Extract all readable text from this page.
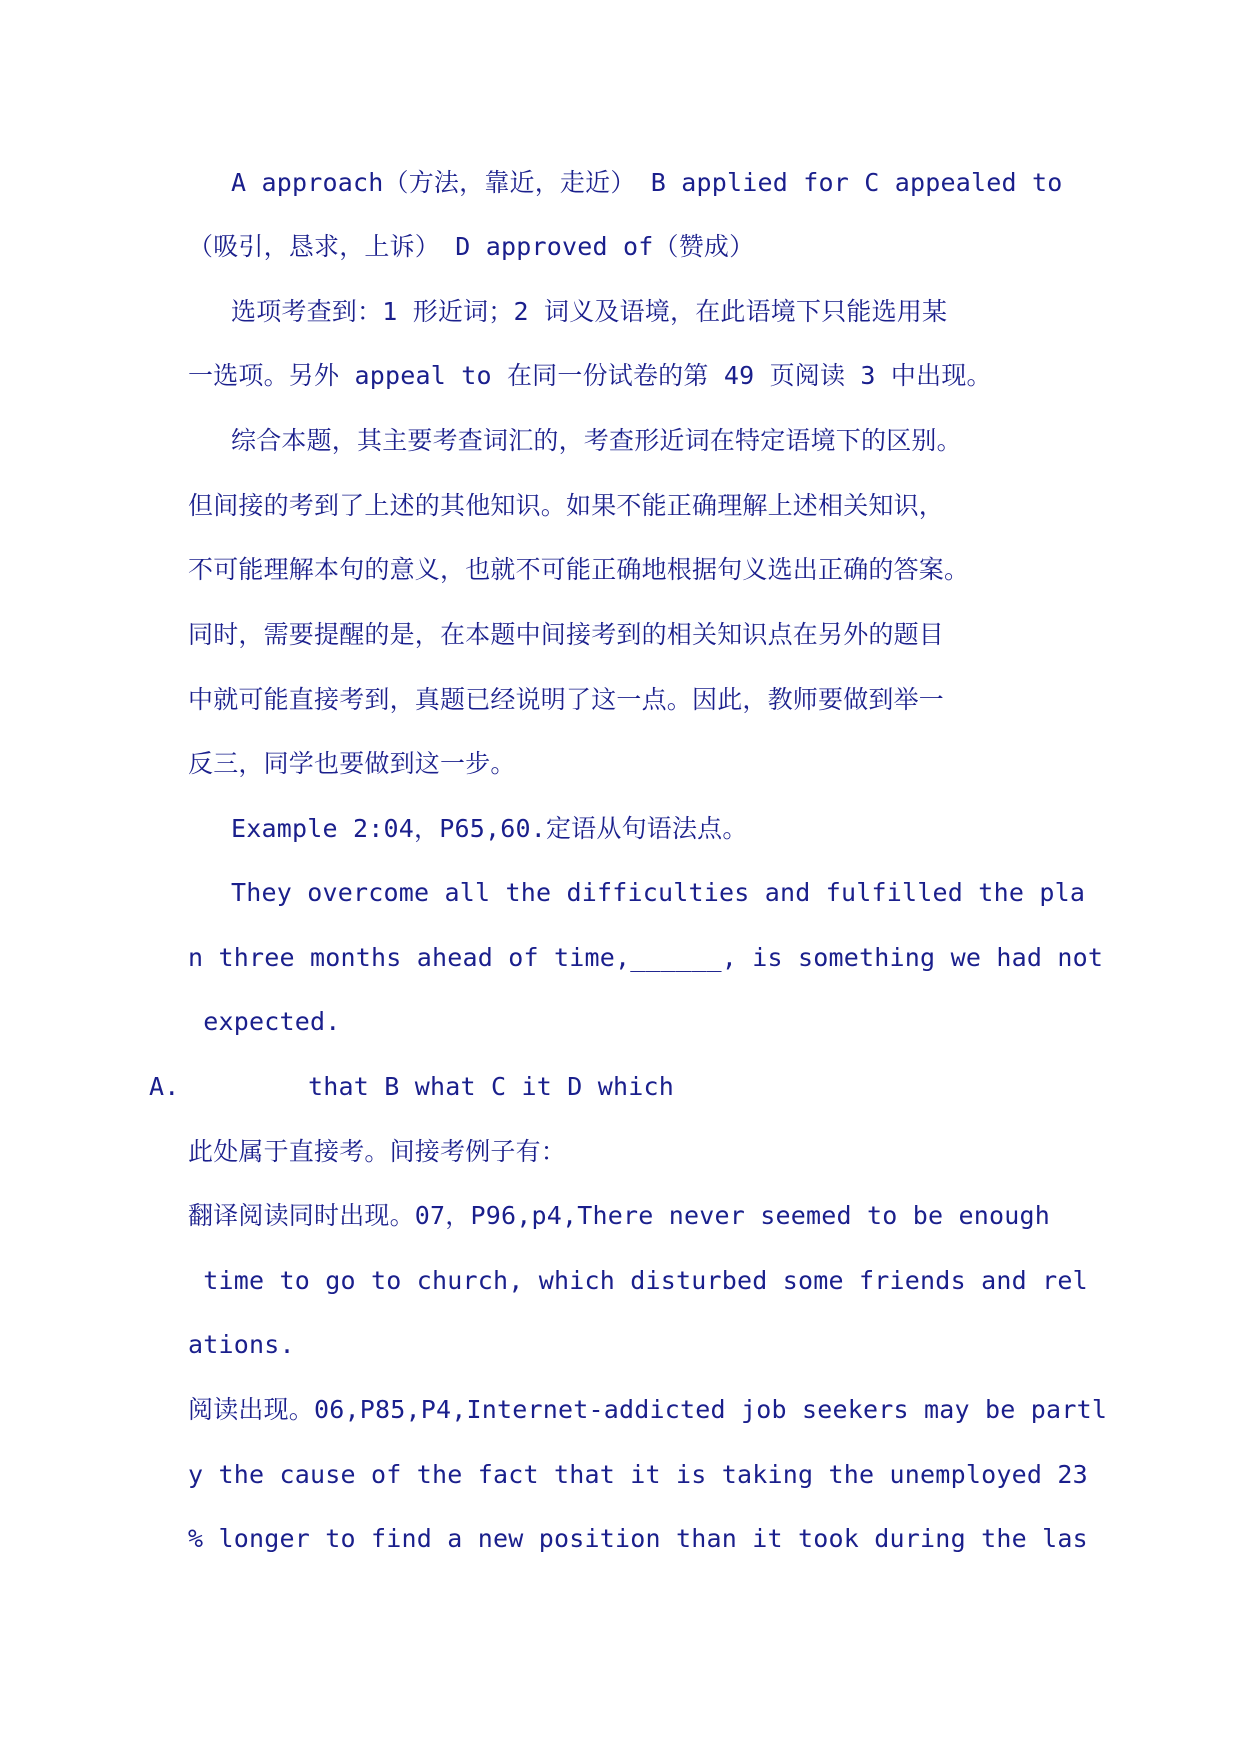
A approach（方法，靠近，走近） B applied for C appealed to
（吸引，恳求，上诉） D approved of（赞成）
选项考查到：1 形近词；2 词义及语境，在此语境下只能选用某
一选项。另外 appeal to 在同一份试卷的第 49 页阅读 3 中出现。
综合本题，其主要考查词汇的，考查形近词在特定语境下的区别。
但间接的考到了上述的其他知识。如果不能正确理解上述相关知识，
不可能理解本句的意义，也就不可能正确地根据句义选出正确的答案。
同时，需要提醒的是，在本题中间接考到的相关知识点在另外的题目
中就可能直接考到，真题已经说明了这一点。因此，教师要做到举一
反三，同学也要做到这一步。
Example 2:04，P65,60.定语从句语法点。
They overcome all the difficulties and fulfilled the pla
n three months ahead of time,______, is something we had not
expected.
A.	that B what C it D which
此处属于直接考。间接考例子有：
翻译阅读同时出现。07，P96,p4,There never seemed to be enough
time to go to church, which disturbed some friends and rel
ations.
阅读出现。06,P85,P4,Internet-addicted job seekers may be partl
y the cause of the fact that it is taking the unemployed 23
% longer to find a new position than it took during the las
